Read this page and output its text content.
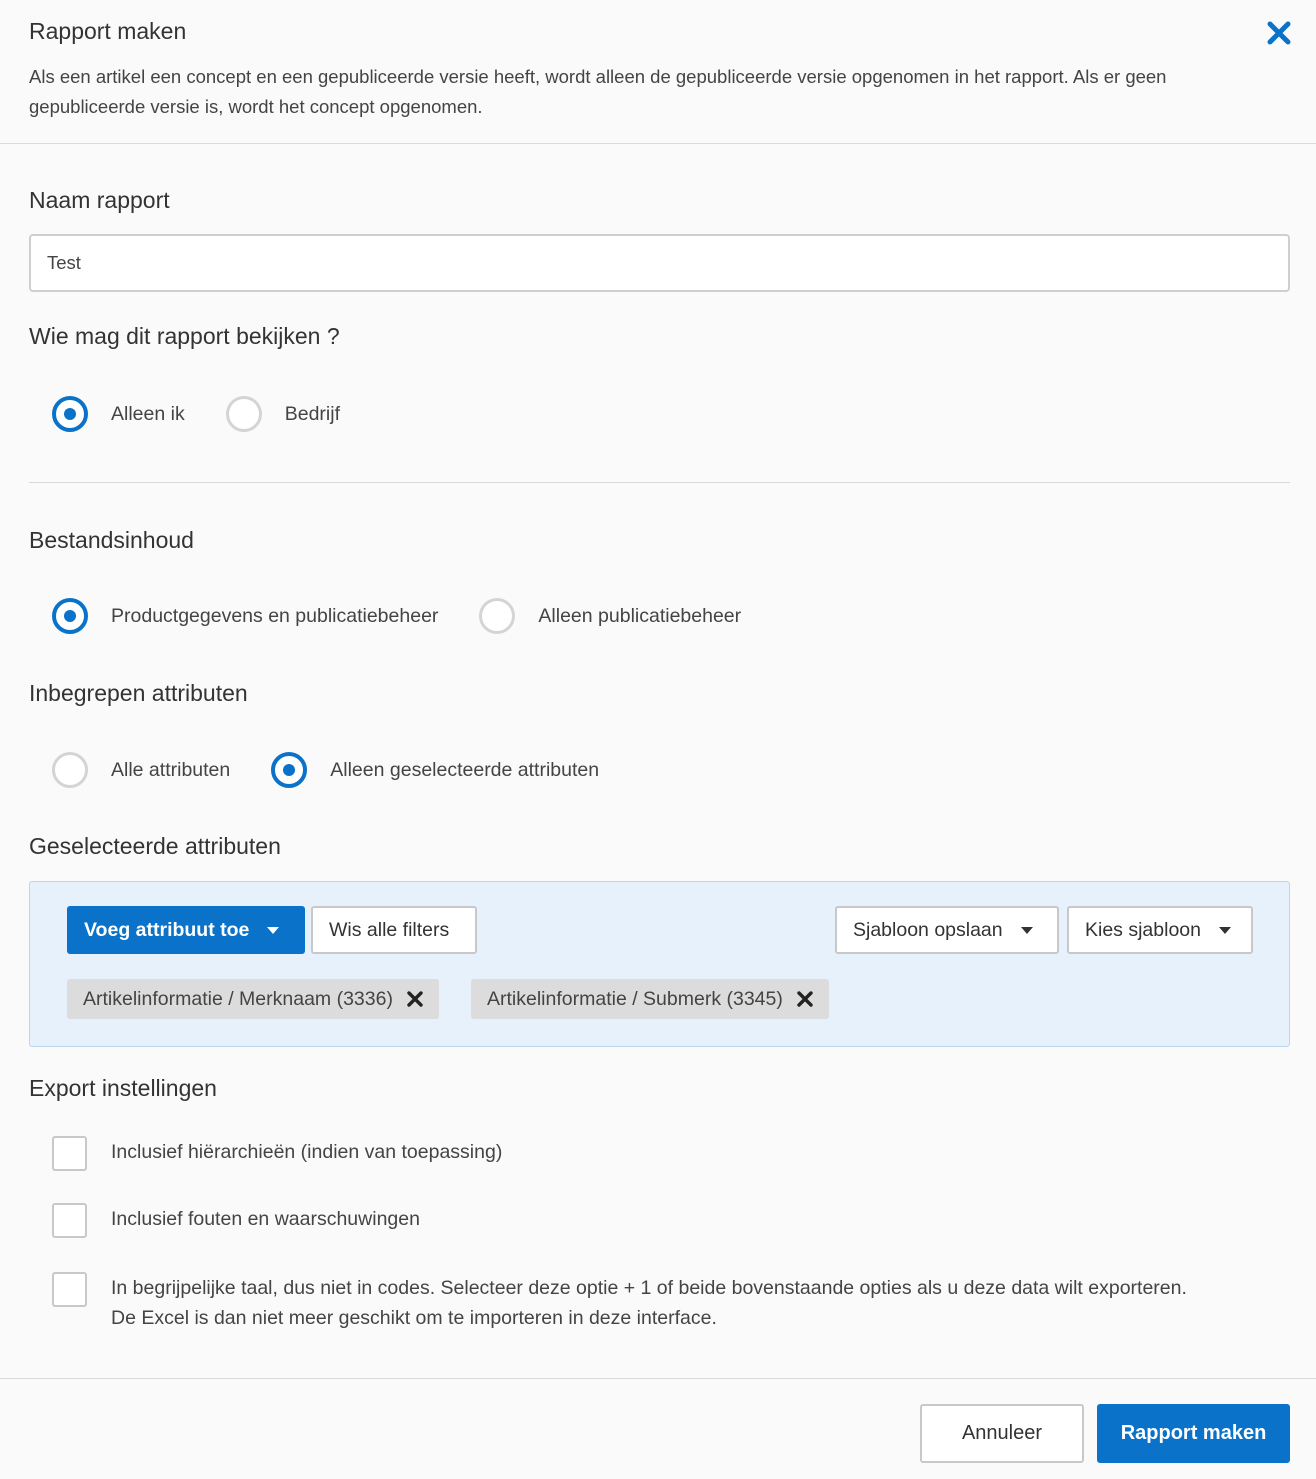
Rapport maken
Als een artikel een concept en een gepubliceerde versie heeft, wordt alleen de gepubliceerde versie opgenomen in het rapport. Als er geen gepubliceerde versie is, wordt het concept opgenomen.
Naam rapport
Test
Wie mag dit rapport bekijken ?
Alleen ik	Bedrijf
Bestandsinhoud
Productgegevens en publicatiebeheer	Alleen publicatiebeheer
Inbegrepen attributen
Alle attributen	Alleen geselecteerde attributen
Geselecteerde attributen
Voeg attribuut toe	Wis alle filters	Sjabloon opslaan	Kies sjabloon
Artikelinformatie / Merknaam (3336)	Artikelinformatie / Submerk (3345)
Export instellingen
Inclusief hiërarchieën (indien van toepassing)
Inclusief fouten en waarschuwingen
In begrijpelijke taal, dus niet in codes. Selecteer deze optie + 1 of beide bovenstaande opties als u deze data wilt exporteren.
De Excel is dan niet meer geschikt om te importeren in deze interface.
Annuleer	Rapport maken
